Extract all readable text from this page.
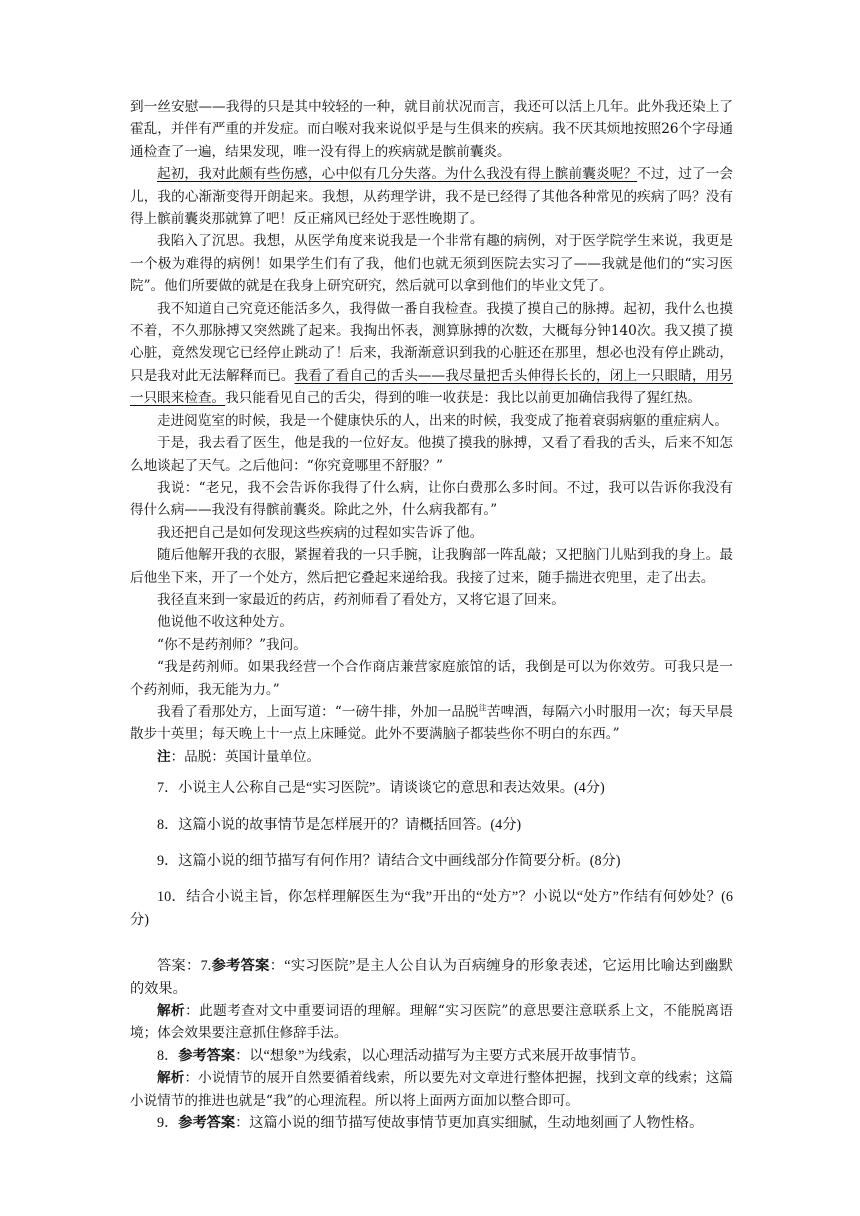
到一丝安慰——我得的只是其中较轻的一种，就目前状况而言，我还可以活上几年。此外我还染上了霍乱，并伴有严重的并发症。而白喉对我来说似乎是与生俱来的疾病。我不厌其烦地按照26个字母通通检查了一遍，结果发现，唯一没有得上的疾病就是髌前囊炎。

起初，我对此颇有些伤感，心中似有几分失落。为什么我没有得上髌前囊炎呢？不过，过了一会儿，我的心渐渐变得开朗起来。我想，从药理学讲，我不是已经得了其他各种常见的疾病了吗？没有得上髌前囊炎那就算了吧！反正痛风已经处于恶性晚期了。

我陷入了沉思。我想，从医学角度来说我是一个非常有趣的病例，对于医学院学生来说，我更是一个极为难得的病例！如果学生们有了我，他们也就无须到医院去实习了——我就是他们的“实习医院”。他们所要做的就是在我身上研究研究，然后就可以拿到他们的毕业文凭了。

我不知道自己究竟还能活多久，我得做一番自我检查。我摸了摸自己的脉搏。起初，我什么也摸不着，不久那脉搏又突然跳了起来。我掏出怀表，测算脉搏的次数，大概每分钟140次。我又摸了摸心脏，竟然发现它已经停止跳动了！后来，我渐渐意识到我的心脏还在那里，想必也没有停止跳动，只是我对此无法解释而已。我看了看自己的舌头——我尽量把舌头伸得长长的，闭上一只眼睛，用另一只眼来检查。我只能看见自己的舌尖，得到的唯一收获是：我比以前更加确信我得了猩红热。

走进阅览室的时候，我是一个健康快乐的人，出来的时候，我变成了拖着衰弱病躯的重症病人。

于是，我去看了医生，他是我的一位好友。他摸了摸我的脉搏，又看了看我的舌头，后来不知怎么地谈起了天气。之后他问：“你究竟哪里不舒服？”

我说：“老兄，我不会告诉你我得了什么病，让你白费那么多时间。不过，我可以告诉你我没有得什么病——我没有得髌前囊炎。除此之外，什么病我都有。”

我还把自己是如何发现这些疾病的过程如实告诉了他。

随后他解开我的衣服，紧握着我的一只手腕，让我胸部一阵乱敲；又把脑门儿贴到我的身上。最后他坐下来，开了一个处方，然后把它叠起来递给我。我接了过来，随手揣进衣兜里，走了出去。

我径直来到一家最近的药店，药剂师看了看处方，又将它退了回来。

他说他不收这种处方。

“你不是药剂师？”我问。

“我是药剂师。如果我经营一个合作商店兼营家庭旅馆的话，我倒是可以为你效劳。可我只是一个药剂师，我无能为力。”

我看了看那处方，上面写道：“一磅牛排，外加一品脱$^注$苦啤酒，每隔六小时服用一次；每天早晨散步十英里；每天晚上十一点上床睡觉。此外不要满脑子都装些你不明白的东西。”

注：品脱：英国计量单位。

7．小说主人公称自己是“实习医院”。请谈谈它的意思和表达效果。(4分)

8．这篇小说的故事情节是怎样展开的？请概括回答。(4分)

9．这篇小说的细节描写有何作用？请结合文中画线部分作简要分析。(8分)

10．结合小说主旨，你怎样理解医生为“我”开出的“处方”？小说以“处方”作结有何妙处？(6分)

答案：7.参考答案：“实习医院”是主人公自认为百病缠身的形象表述，它运用比喻达到幽默的效果。

解析：此题考查对文中重要词语的理解。理解“实习医院”的意思要注意联系上文，不能脱离语境；体会效果要注意抓住修辞手法。

8．参考答案：以“想象”为线索，以心理活动描写为主要方式来展开故事情节。

解析：小说情节的展开自然要循着线索，所以要先对文章进行整体把握，找到文章的线索；这篇小说情节的推进也就是“我”的心理流程。所以将上面两方面加以整合即可。

9．参考答案：这篇小说的细节描写使故事情节更加真实细腻，生动地刻画了人物性格。
